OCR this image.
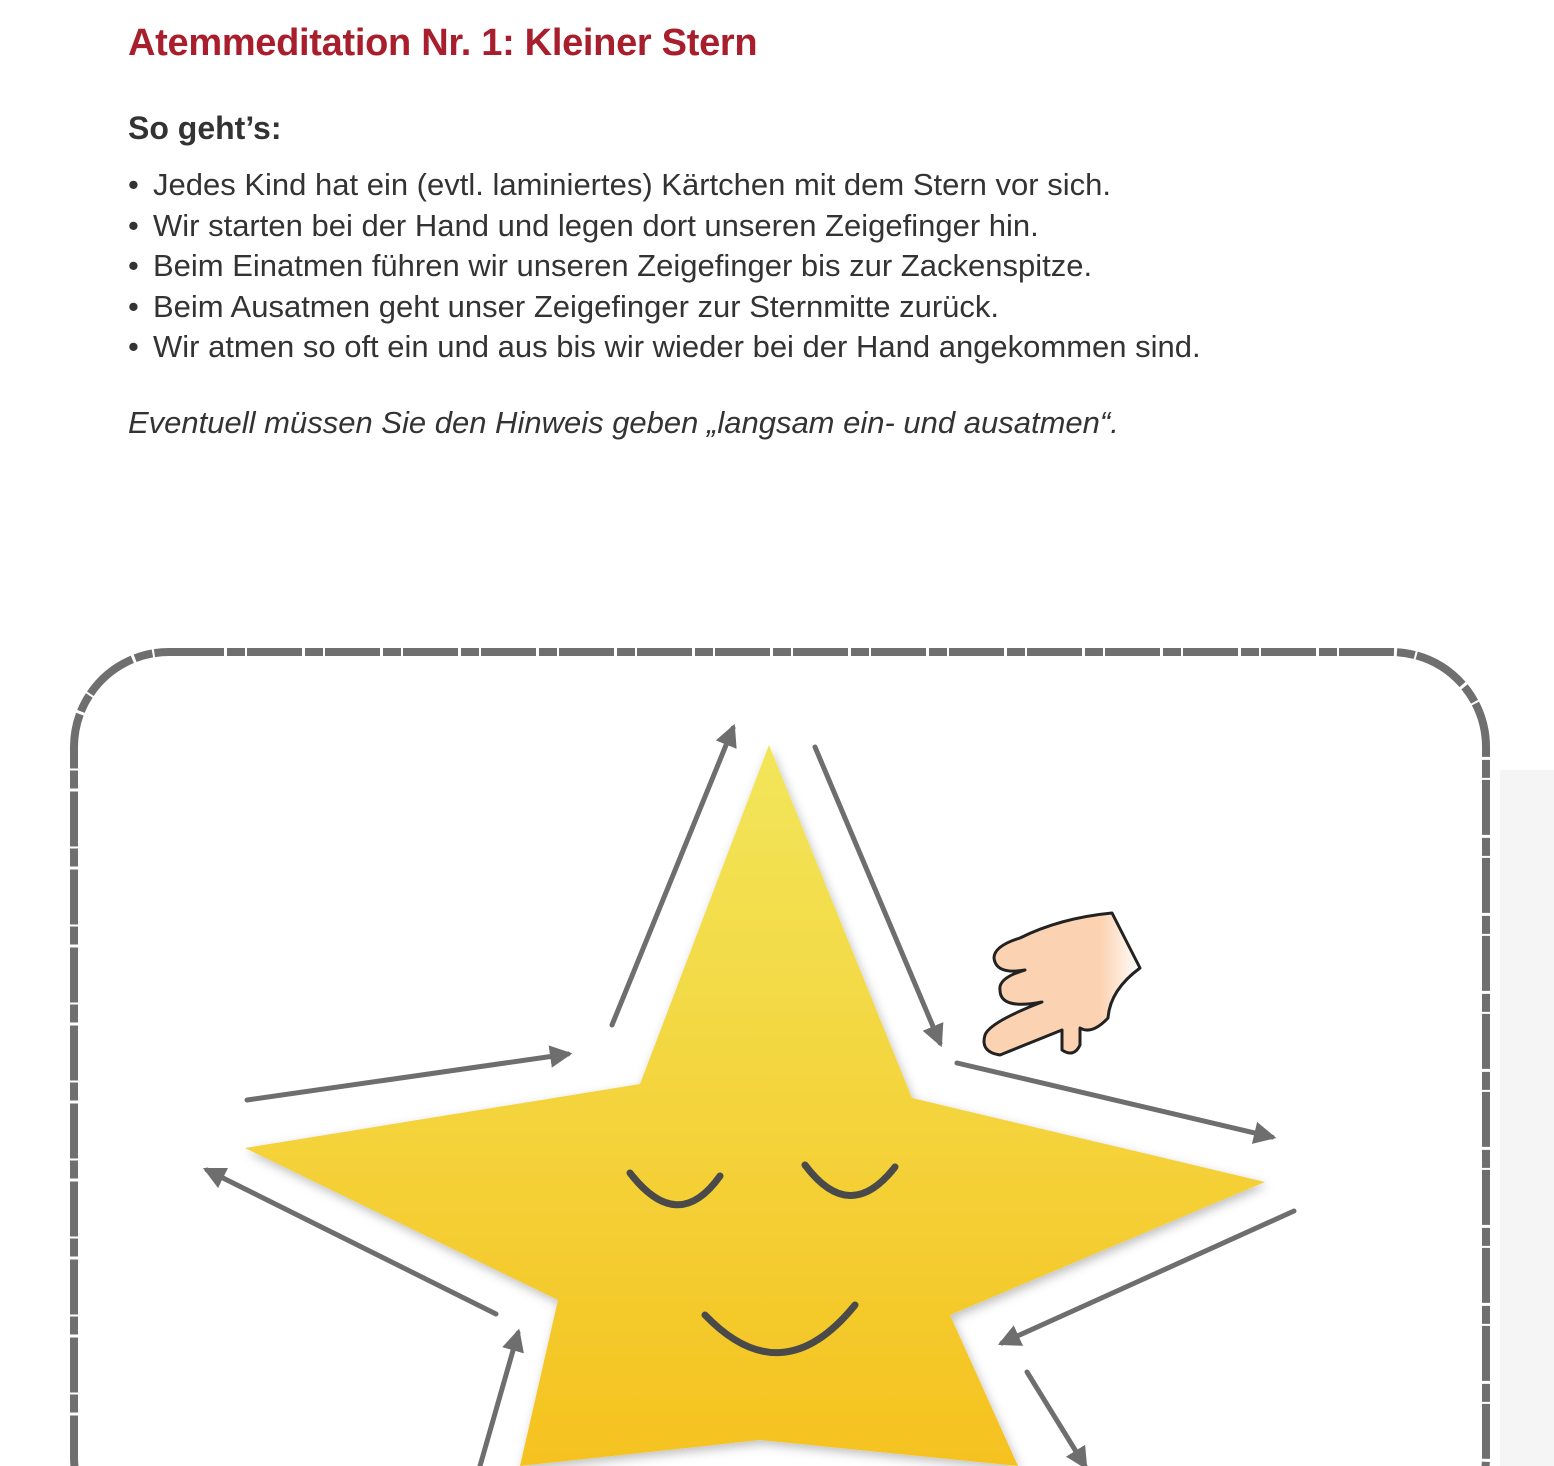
Atemmeditation Nr. 1: Kleiner Stern
So geht’s:
• Jedes Kind hat ein (evtl. laminiertes) Kärtchen mit dem Stern vor sich.
• Wir starten bei der Hand und legen dort unseren Zeigefinger hin.
• Beim Einatmen führen wir unseren Zeigefinger bis zur Zackenspitze.
• Beim Ausatmen geht unser Zeigefinger zur Sternmitte zurück.
• Wir atmen so oft ein und aus bis wir wieder bei der Hand angekommen sind.

Eventuell müssen Sie den Hinweis geben „langsam ein- und ausatmen“.
